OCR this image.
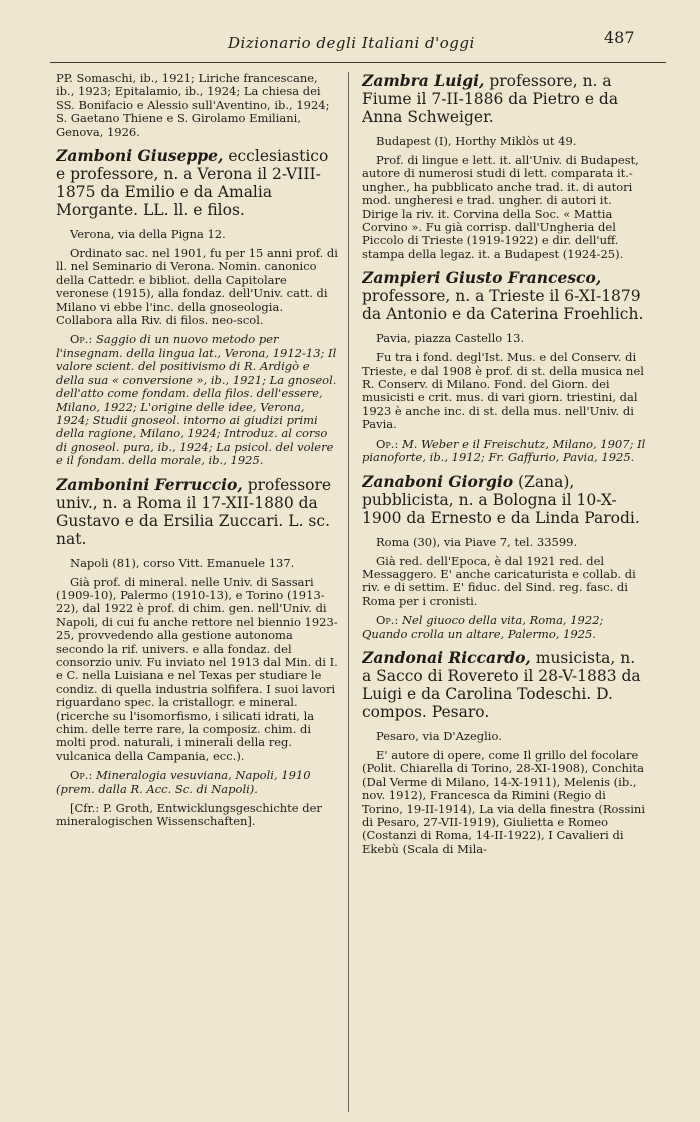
Dizionario degli Italiani d'oggi	487

PP. Somaschi, ib., 1921; Liriche francescane, ib., 1923; Epitalamio, ib., 1924; La chiesa dei SS. Bonifacio e Alessio sull'Aventino, ib., 1924; S. Gaetano Thiene e S. Girolamo Emiliani, Genova, 1926.

Zamboni Giuseppe, ecclesiastico e professore, n. a Verona il 2-VIII-1875 da Emilio e da Amalia Morgante. LL. ll. e filos.

Verona, via della Pigna 12.

Ordinato sac. nel 1901, fu per 15 anni prof. di ll. nel Seminario di Verona. Nomin. canonico della Cattedr. e bibliot. della Capitolare veronese (1915), alla fondaz. dell'Univ. catt. di Milano vi ebbe l'inc. della gnoseologia. Collabora alla Riv. di filos. neo-scol.

Op.: Saggio di un nuovo metodo per l'insegnam. della lingua lat., Verona, 1912-13; Il valore scient. del positivismo di R. Ardigò e della sua « conversione », ib., 1921; La gnoseol. dell'atto come fondam. della filos. dell'essere, Milano, 1922; L'origine delle idee, Verona, 1924; Studii gnoseol. intorno ai giudizi primi della ragione, Milano, 1924; Introduz. al corso di gnoseol. pura, ib., 1924; La psicol. del volere e il fondam. della morale, ib., 1925.

Zambonini Ferruccio, professore univ., n. a Roma il 17-XII-1880 da Gustavo e da Ersilia Zuccari. L. sc. nat.

Napoli (81), corso Vitt. Emanuele 137.

Già prof. di mineral. nelle Univ. di Sassari (1909-10), Palermo (1910-13), e Torino (1913-22), dal 1922 è prof. di chim. gen. nell'Univ. di Napoli, di cui fu anche rettore nel biennio 1923-25, provvedendo alla gestione autonoma secondo la rif. univers. e alla fondaz. del consorzio univ. Fu inviato nel 1913 dal Min. di I. e C. nella Luisiana e nel Texas per studiare le condiz. di quella industria solfifera. I suoi lavori riguardano spec. la cristallogr. e mineral. (ricerche su l'isomorfismo, i silicati idrati, la chim. delle terre rare, la composiz. chim. di molti prod. naturali, i minerali della reg. vulcanica della Campania, ecc.).

Op.: Mineralogia vesuviana, Napoli, 1910 (prem. dalla R. Acc. Sc. di Napoli).

[Cfr.: P. Groth, Entwicklungsgeschichte der mineralogischen Wissenschaften].

Zambra Luigi, professore, n. a Fiume il 7-II-1886 da Pietro e da Anna Schweiger.

Budapest (I), Horthy Miklòs ut 49.

Prof. di lingue e lett. it. all'Univ. di Budapest, autore di numerosi studi di lett. comparata it.-ungher., ha pubblicato anche trad. it. di autori mod. ungheresi e trad. ungher. di autori it. Dirige la riv. it. Corvina della Soc. « Mattia Corvino ». Fu già corrisp. dall'Ungheria del Piccolo di Trieste (1919-1922) e dir. dell'uff. stampa della legaz. it. a Budapest (1924-25).

Zampieri Giusto Francesco, professore, n. a Trieste il 6-XI-1879 da Antonio e da Caterina Froehlich.

Pavia, piazza Castello 13.

Fu tra i fond. degl'Ist. Mus. e del Conserv. di Trieste, e dal 1908 è prof. di st. della musica nel R. Conserv. di Milano. Fond. del Giorn. dei musicisti e crit. mus. di vari giorn. triestini, dal 1923 è anche inc. di st. della mus. nell'Univ. di Pavia.

Op.: M. Weber e il Freischutz, Milano, 1907; Il pianoforte, ib., 1912; Fr. Gaffurio, Pavia, 1925.

Zanaboni Giorgio (Zana), pubblicista, n. a Bologna il 10-X-1900 da Ernesto e da Linda Parodi.

Roma (30), via Piave 7, tel. 33599.

Già red. dell'Epoca, è dal 1921 red. del Messaggero. E' anche caricaturista e collab. di riv. e di settim. E' fiduc. del Sind. reg. fasc. di Roma per i cronisti.

Op.: Nel giuoco della vita, Roma, 1922; Quando crolla un altare, Palermo, 1925.

Zandonai Riccardo, musicista, n. a Sacco di Rovereto il 28-V-1883 da Luigi e da Carolina Todeschi. D. compos. Pesaro.

Pesaro, via D'Azeglio.

E' autore di opere, come Il grillo del focolare (Polit. Chiarella di Torino, 28-XI-1908), Conchita (Dal Verme di Milano, 14-X-1911), Melenis (ib., nov. 1912), Francesca da Rimini (Regio di Torino, 19-II-1914), La via della finestra (Rossini di Pesaro, 27-VII-1919), Giulietta e Romeo (Costanzi di Roma, 14-II-1922), I Cavalieri di Ekebù (Scala di Mila-
